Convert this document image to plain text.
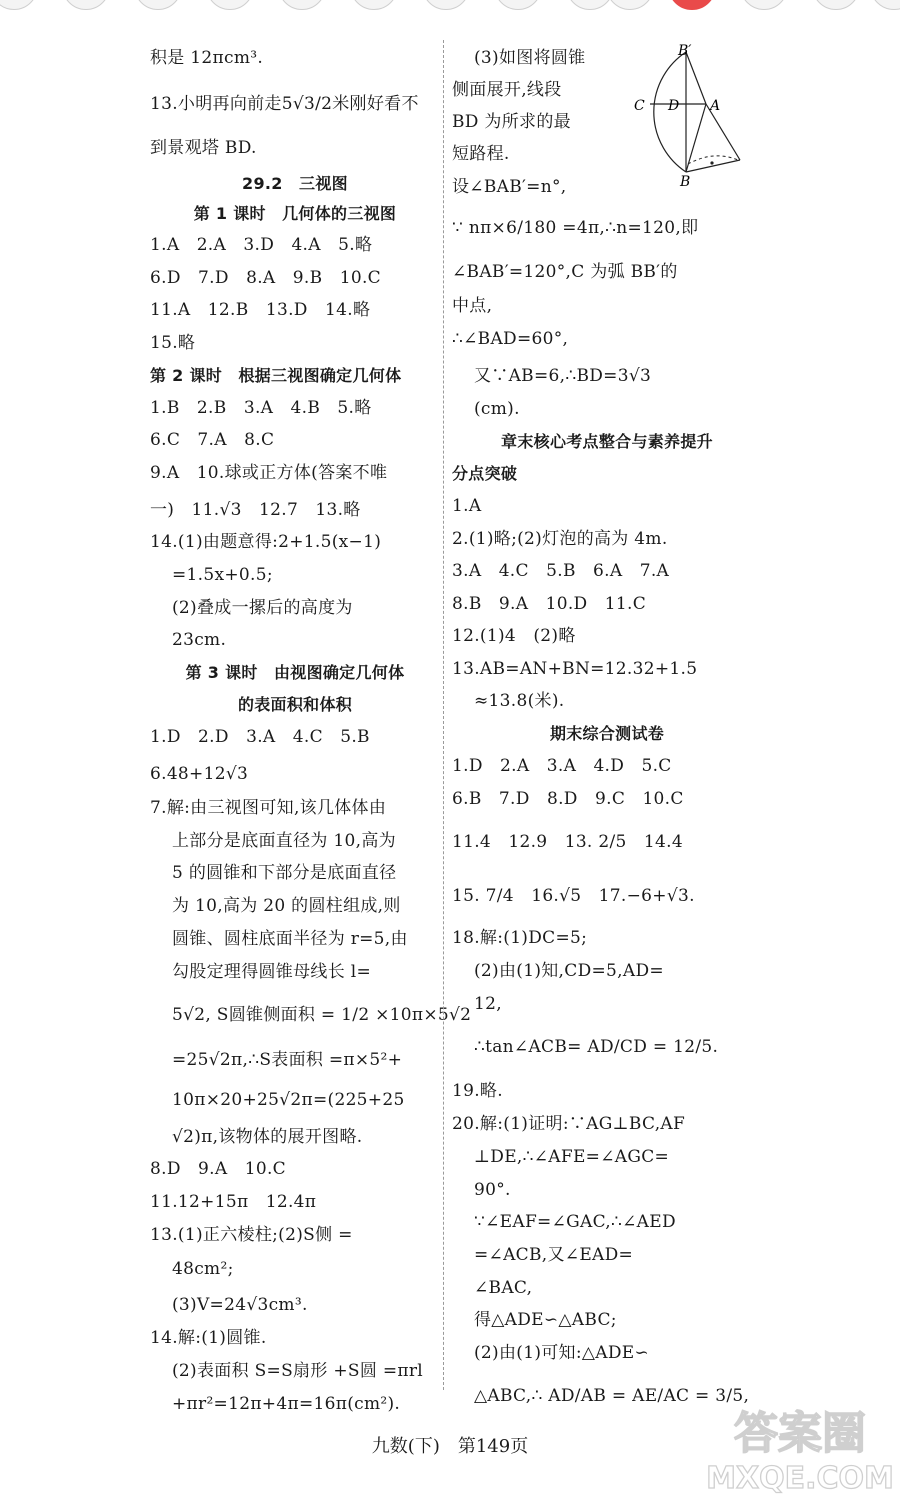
积是 12πcm³.
13.小明再向前走5√3/2米刚好看不
到景观塔 BD.
29.2　三视图
第 1 课时　几何体的三视图
1.A　2.A　3.D　4.A　5.略
6.D　7.D　8.A　9.B　10.C
11.A　12.B　13.D　14.略
15.略
第 2 课时　根据三视图确定几何体
1.B　2.B　3.A　4.B　5.略
6.C　7.A　8.C
9.A　10.球或正方体(答案不唯
一)　11.√3　12.7　13.略
14.(1)由题意得:2+1.5(x−1)
=1.5x+0.5;
(2)叠成一摞后的高度为
23cm.
第 3 课时　由视图确定几何体
的表面积和体积
1.D　2.D　3.A　4.C　5.B
6.48+12√3
7.解:由三视图可知,该几体体由
上部分是底面直径为 10,高为
5 的圆锥和下部分是底面直径
为 10,高为 20 的圆柱组成,则
圆锥、圆柱底面半径为 r=5,由
勾股定理得圆锥母线长 l=
5√2, S圆锥侧面积 = 1/2 ×10π×5√2
=25√2π,∴S表面积 =π×5²+
10π×20+25√2π=(225+25
√2)π,该物体的展开图略.
8.D　9.A　10.C
11.12+15π　12.4π
13.(1)正六棱柱;(2)S侧 =
48cm²;
(3)V=24√3cm³.
14.解:(1)圆锥.
(2)表面积 S=S扇形 +S圆 =πrl
+πr²=12π+4π=16π(cm²).
(3)如图将圆锥
侧面展开,线段
BD 为所求的最
短路程.
设∠BAB′=n°,
∵ nπ×6/180 =4π,∴n=120,即
∠BAB′=120°,C 为弧 BB′的
中点,
∴∠BAD=60°,
又∵AB=6,∴BD=3√3
(cm).
章末核心考点整合与素养提升
分点突破
1.A
2.(1)略;(2)灯泡的高为 4m.
3.A　4.C　5.B　6.A　7.A
8.B　9.A　10.D　11.C
12.(1)4　(2)略
13.AB=AN+BN=12.32+1.5
≈13.8(米).
期末综合测试卷
1.D　2.A　3.A　4.D　5.C
6.B　7.D　8.D　9.C　10.C
11.4　12.9　13. 2/5　14.4
15. 7/4　16.√5　17.−6+√3.
18.解:(1)DC=5;
(2)由(1)知,CD=5,AD=
12,
∴tan∠ACB= AD/CD = 12/5.
19.略.
20.解:(1)证明:∵AG⊥BC,AF
⊥DE,∴∠AFE=∠AGC=
90°.
∵∠EAF=∠GAC,∴∠AED
=∠ACB,又∠EAD=
∠BAC,
得△ADE∽△ABC;
(2)由(1)可知:△ADE∽
△ABC,∴ AD/AB = AE/AC = 3/5,
B′
C D A
B
九数(下)　第149页	答案圈
MXQE.COM
